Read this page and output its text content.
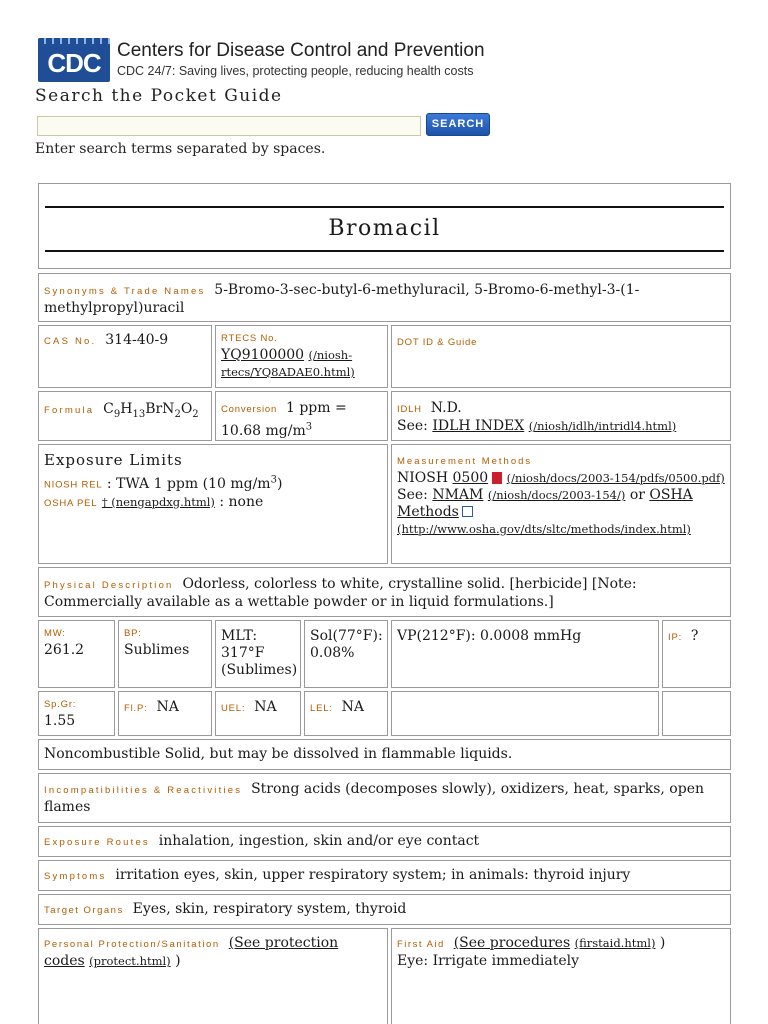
CDC Centers for Disease Control and Prevention
CDC 24/7: Saving lives, protecting people, reducing health costs
Search the Pocket Guide
SEARCH
Enter search terms separated by spaces.
Bromacil
Synonyms & Trade Names 5-Bromo-3-sec-butyl-6-methyluracil, 5-Bromo-6-methyl-3-(1-methylpropyl)uracil
CAS No. 314-40-9	RTECS No.
YQ9100000 (/niosh-rtecs/YQ8ADAE0.html)
DOT ID & Guide
Formula $C_9H_{13}BrN_2O_2$	Conversion 1 ppm = 10.68 $mg/m^3$
IDLH N.D.
See: IDLH INDEX (/niosh/idlh/intridl4.html)
Exposure Limits
NIOSH REL : TWA 1 ppm (10 $mg/m^3$)
OSHA PEL † (nengapdxg.html) : none
Measurement Methods
NIOSH 0500 (/niosh/docs/2003-154/pdfs/0500.pdf)
See: NMAM (/niosh/docs/2003-154/) or OSHA Methods
(http://www.osha.gov/dts/sltc/methods/index.html)
Physical Description Odorless, colorless to white, crystalline solid. [herbicide] [Note: Commercially available as a wettable powder or in liquid formulations.]
MW:
261.2
BP:
Sublimes
MLT: 317°F (Sublimes)
Sol(77°F): 0.08%
VP(212°F): 0.0008 mmHg	IP: ?
Sp.Gr:
1.55
Fl.P: NA	UEL: NA	LEL: NA
Noncombustible Solid, but may be dissolved in flammable liquids.
Incompatibilities & Reactivities Strong acids (decomposes slowly), oxidizers, heat, sparks, open flames
Exposure Routes inhalation, ingestion, skin and/or eye contact
Symptoms irritation eyes, skin, upper respiratory system; in animals: thyroid injury
Target Organs Eyes, skin, respiratory system, thyroid
Personal Protection/Sanitation (See protection codes (protect.html) )
First Aid (See procedures (firstaid.html) )
Eye: Irrigate immediately
